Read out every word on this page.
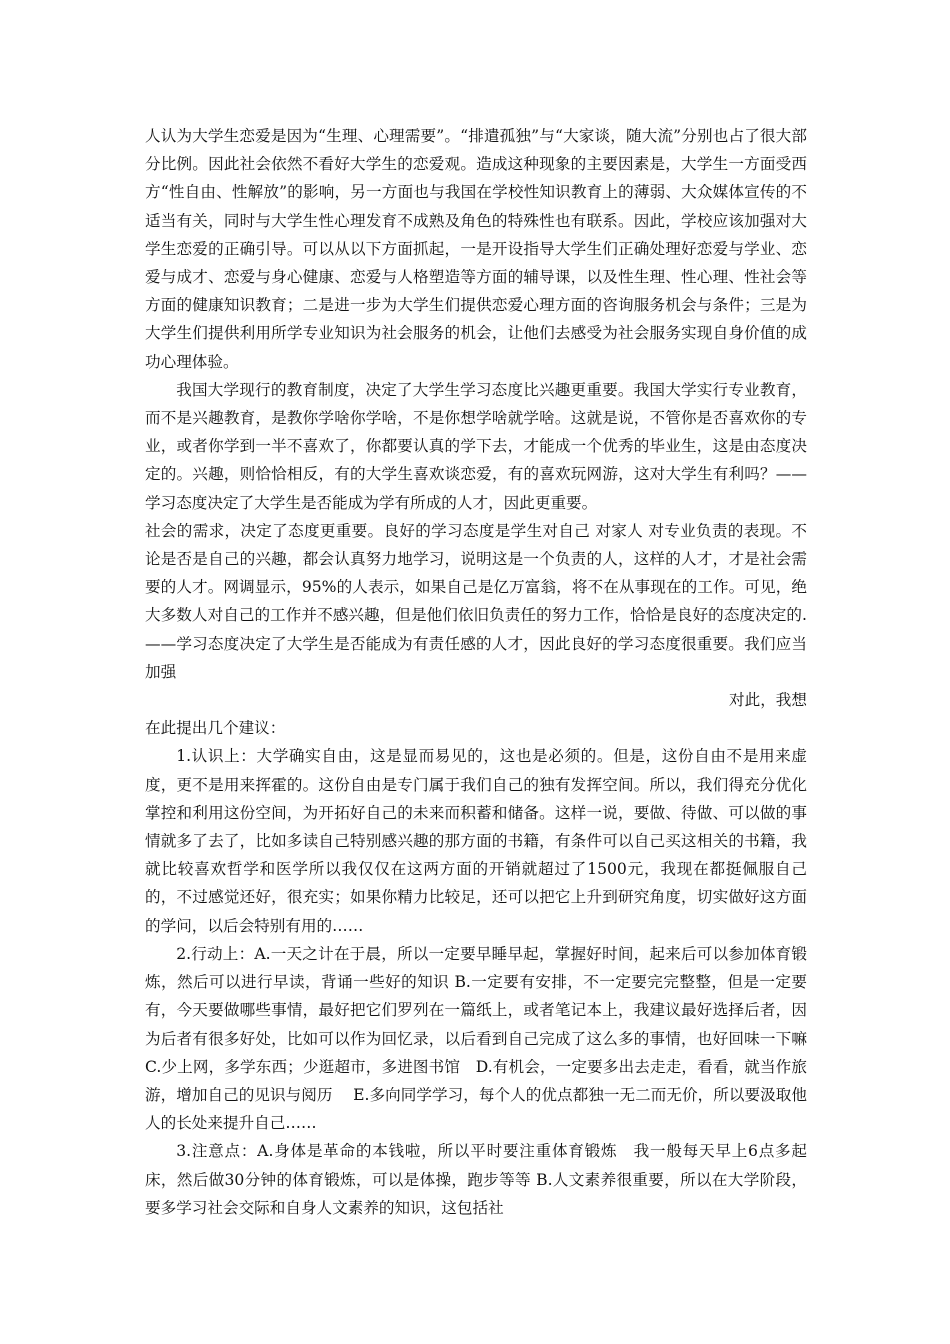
人认为大学生恋爱是因为“生理、心理需要”。“排遣孤独”与“大家谈，随大流”分别也占了很大部分比例。因此社会依然不看好大学生的恋爱观。造成这种现象的主要因素是，大学生一方面受西方“性自由、性解放”的影响，另一方面也与我国在学校性知识教育上的薄弱、大众媒体宣传的不适当有关，同时与大学生性心理发育不成熟及角色的特殊性也有联系。因此，学校应该加强对大学生恋爱的正确引导。可以从以下方面抓起，一是开设指导大学生们正确处理好恋爱与学业、恋爱与成才、恋爱与身心健康、恋爱与人格塑造等方面的辅导课，以及性生理、性心理、性社会等方面的健康知识教育；二是进一步为大学生们提供恋爱心理方面的咨询服务机会与条件；三是为大学生们提供利用所学专业知识为社会服务的机会，让他们去感受为社会服务实现自身价值的成功心理体验。

我国大学现行的教育制度，决定了大学生学习态度比兴趣更重要。我国大学实行专业教育，而不是兴趣教育，是教你学啥你学啥，不是你想学啥就学啥。这就是说，不管你是否喜欢你的专业，或者你学到一半不喜欢了，你都要认真的学下去，才能成一个优秀的毕业生，这是由态度决定的。兴趣，则恰恰相反，有的大学生喜欢谈恋爱，有的喜欢玩网游，这对大学生有利吗？——学习态度决定了大学生是否能成为学有所成的人才，因此更重要。

社会的需求，决定了态度更重要。良好的学习态度是学生对自己 对家人 对专业负责的表现。不论是否是自己的兴趣，都会认真努力地学习，说明这是一个负责的人，这样的人才，才是社会需要的人才。网调显示，95%的人表示，如果自己是亿万富翁，将不在从事现在的工作。可见，绝大多数人对自己的工作并不感兴趣，但是他们依旧负责任的努力工作，恰恰是良好的态度决定的.——学习态度决定了大学生是否能成为有责任感的人才，因此良好的学习态度很重要。我们应当加强

对此，我想

在此提出几个建议：

1.认识上：大学确实自由，这是显而易见的，这也是必须的。但是，这份自由不是用来虚度，更不是用来挥霍的。这份自由是专门属于我们自己的独有发挥空间。所以，我们得充分优化掌控和利用这份空间，为开拓好自己的未来而积蓄和储备。这样一说，要做、待做、可以做的事情就多了去了，比如多读自己特别感兴趣的那方面的书籍，有条件可以自己买这相关的书籍，我就比较喜欢哲学和医学所以我仅仅在这两方面的开销就超过了1500元，我现在都挺佩服自己的，不过感觉还好，很充实；如果你精力比较足，还可以把它上升到研究角度，切实做好这方面的学问，以后会特别有用的……

2.行动上：A.一天之计在于晨，所以一定要早睡早起，掌握好时间，起来后可以参加体育锻炼，然后可以进行早读，背诵一些好的知识 B.一定要有安排，不一定要完完整整，但是一定要有，今天要做哪些事情，最好把它们罗列在一篇纸上，或者笔记本上，我建议最好选择后者，因为后者有很多好处，比如可以作为回忆录，以后看到自己完成了这么多的事情，也好回味一下嘛　C.少上网，多学东西；少逛超市，多进图书馆　D.有机会，一定要多出去走走，看看，就当作旅游，增加自己的见识与阅历　 E.多向同学学习，每个人的优点都独一无二而无价，所以要汲取他人的长处来提升自己……

3.注意点：A.身体是革命的本钱啦，所以平时要注重体育锻炼　我一般每天早上6点多起床，然后做30分钟的体育锻炼，可以是体操，跑步等等 B.人文素养很重要，所以在大学阶段，要多学习社会交际和自身人文素养的知识，这包括社
